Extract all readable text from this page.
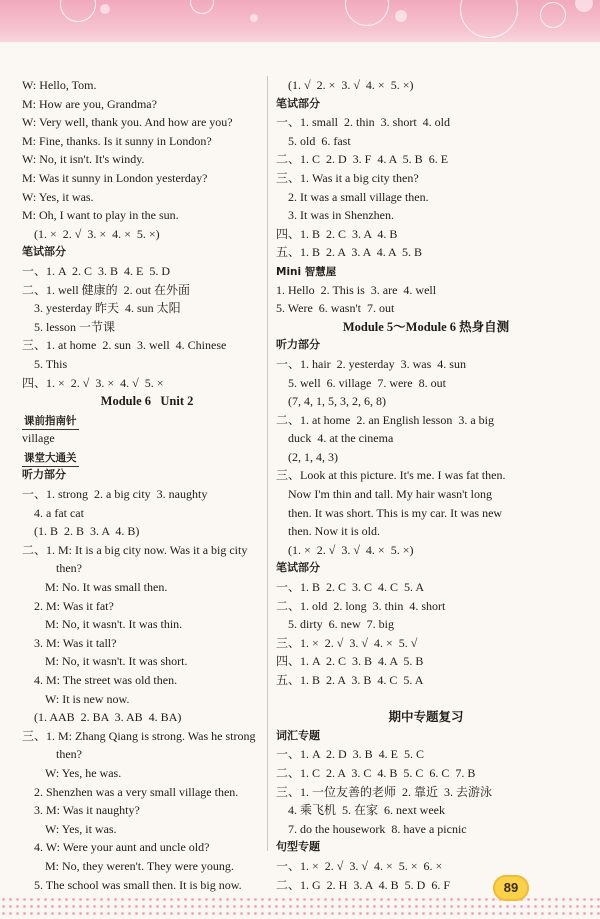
W: Hello, Tom.
M: How are you, Grandma?
W: Very well, thank you. And how are you?
M: Fine, thanks. Is it sunny in London?
W: No, it isn't. It's windy.
M: Was it sunny in London yesterday?
W: Yes, it was.
M: Oh, I want to play in the sun.
(1. ×  2. √  3. ×  4. ×  5. ×)
笔试部分
一、1. A  2. C  3. B  4. E  5. D
二、1. well 健康的  2. out 在外面
3. yesterday 昨天  4. sun 太阳
5. lesson 一节课
三、1. at home  2. sun  3. well  4. Chinese
5. This
四、1. ×  2. √  3. ×  4. √  5. ×
Module 6   Unit 2
课前指南针
village
课堂大通关
听力部分
一、1. strong  2. a big city  3. naughty
4. a fat cat
(1. B  2. B  3. A  4. B)
二、1. M: It is a big city now. Was it a big city
then?
M: No. It was small then.
2. M: Was it fat?
M: No, it wasn't. It was thin.
3. M: Was it tall?
M: No, it wasn't. It was short.
4. M: The street was old then.
W: It is new now.
(1. AAB  2. BA  3. AB  4. BA)
三、1. M: Zhang Qiang is strong. Was he strong
then?
W: Yes, he was.
2. Shenzhen was a very small village then.
3. M: Was it naughty?
W: Yes, it was.
4. W: Were your aunt and uncle old?
M: No, they weren't. They were young.
5. The school was small then. It is big now.
(1. √  2. ×  3. √  4. ×  5. ×)
笔试部分
一、1. small  2. thin  3. short  4. old
5. old  6. fast
二、1. C  2. D  3. F  4. A  5. B  6. E
三、1. Was it a big city then?
2. It was a small village then.
3. It was in Shenzhen.
四、1. B  2. C  3. A  4. B
五、1. B  2. A  3. A  4. A  5. B
Mini 智慧屋
1. Hello  2. This is  3. are  4. well
5. Were  6. wasn't  7. out
Module 5～Module 6 热身自测
听力部分
一、1. hair  2. yesterday  3. was  4. sun
5. well  6. village  7. were  8. out
(7, 4, 1, 5, 3, 2, 6, 8)
二、1. at home  2. an English lesson  3. a big
duck  4. at the cinema
(2, 1, 4, 3)
三、Look at this picture. It's me. I was fat then.
Now I'm thin and tall. My hair wasn't long
then. It was short. This is my car. It was new
then. Now it is old.
(1. ×  2. √  3. √  4. ×  5. ×)
笔试部分
一、1. B  2. C  3. C  4. C  5. A
二、1. old  2. long  3. thin  4. short
5. dirty  6. new  7. big
三、1. ×  2. √  3. √  4. ×  5. √
四、1. A  2. C  3. B  4. A  5. B
五、1. B  2. A  3. B  4. C  5. A
期中专题复习
词汇专题
一、1. A  2. D  3. B  4. E  5. C
二、1. C  2. A  3. C  4. B  5. C  6. C  7. B
三、1. 一位友善的老师  2. 靠近  3. 去游泳
4. 乘飞机  5. 在家  6. next week
7. do the housework  8. have a picnic
句型专题
一、1. ×  2. √  3. √  4. ×  5. ×  6. ×
二、1. G  2. H  3. A  4. B  5. D  6. F	89
